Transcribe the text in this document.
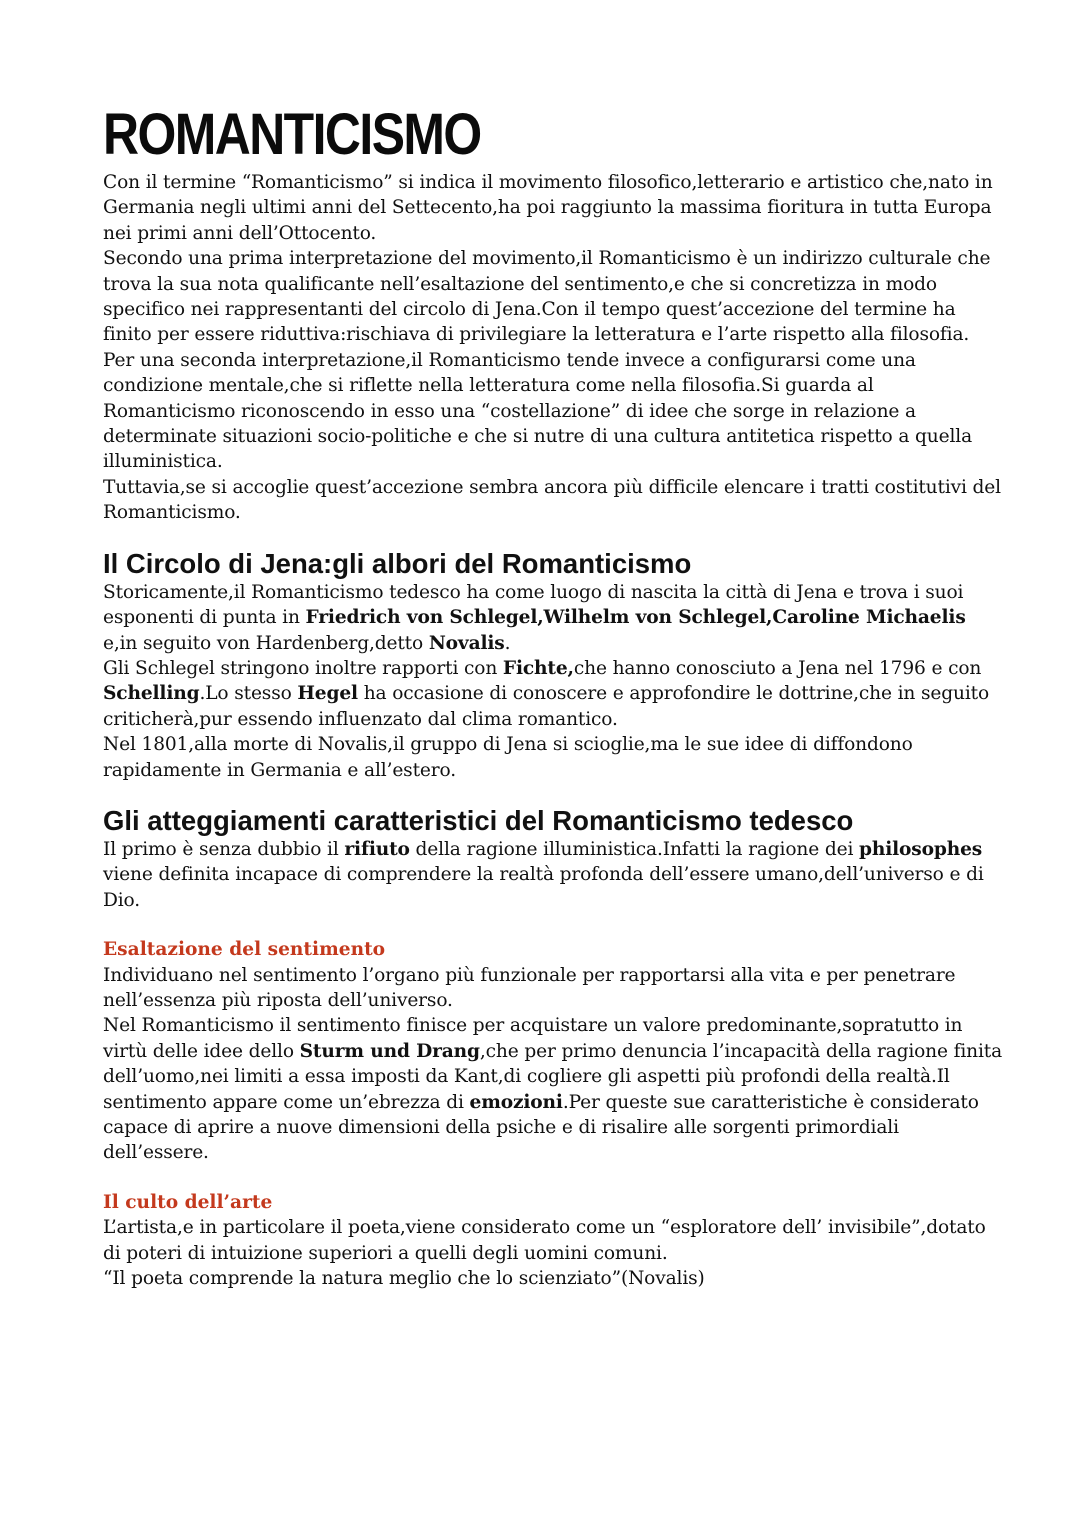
ROMANTICISMO

Con il termine “Romanticismo” si indica il movimento filosofico,letterario e artistico che,nato in Germania negli ultimi anni del Settecento,ha poi raggiunto la massima fioritura in tutta Europa nei primi anni dell’Ottocento.

Secondo una prima interpretazione del movimento,il Romanticismo è un indirizzo culturale che trova la sua nota qualificante nell’esaltazione del sentimento,e che si concretizza in modo specifico nei rappresentanti del circolo di Jena.Con il tempo quest’accezione del termine ha finito per essere riduttiva:rischiava di privilegiare la letteratura e l’arte rispetto alla filosofia.

Per una seconda interpretazione,il Romanticismo tende invece a configurarsi come una condizione mentale,che si riflette nella letteratura come nella filosofia.Si guarda al Romanticismo riconoscendo in esso una “costellazione” di idee che sorge in relazione a determinate situazioni socio-politiche e che si nutre di una cultura antitetica rispetto a quella illuministica.

Tuttavia,se si accoglie quest’accezione sembra ancora più difficile elencare i tratti costitutivi del Romanticismo.

Il Circolo di Jena:gli albori del Romanticismo

Storicamente,il Romanticismo tedesco ha come luogo di nascita la città di Jena e trova i suoi esponenti di punta in Friedrich von Schlegel,Wilhelm von Schlegel,Caroline Michaelis e,in seguito von Hardenberg,detto Novalis.

Gli Schlegel stringono inoltre rapporti con Fichte,che hanno conosciuto a Jena nel 1796 e con Schelling.Lo stesso Hegel ha occasione di conoscere e approfondire le dottrine,che in seguito criticherà,pur essendo influenzato dal clima romantico.

Nel 1801,alla morte di Novalis,il gruppo di Jena si scioglie,ma le sue idee di diffondono rapidamente in Germania e all’estero.

Gli atteggiamenti caratteristici del Romanticismo tedesco

Il primo è senza dubbio il rifiuto della ragione illuministica.Infatti la ragione dei philosophes viene definita incapace di comprendere la realtà profonda dell’essere umano,dell’universo e di Dio.

Esaltazione del sentimento

Individuano nel sentimento l’organo più funzionale per rapportarsi alla vita e per penetrare nell’essenza più riposta dell’universo.

Nel Romanticismo il sentimento finisce per acquistare un valore predominante,sopratutto in virtù delle idee dello Sturm und Drang,che per primo denuncia l’incapacità della ragione finita dell’uomo,nei limiti a essa imposti da Kant,di cogliere gli aspetti più profondi della realtà.Il sentimento appare come un’ebrezza di emozioni.Per queste sue caratteristiche è considerato capace di aprire a nuove dimensioni della psiche e di risalire alle sorgenti primordiali dell’essere.

Il culto dell’arte

L’artista,e in particolare il poeta,viene considerato come un “esploratore dell’ invisibile”,dotato di poteri di intuizione superiori a quelli degli uomini comuni.

“Il poeta comprende la natura meglio che lo scienziato”(Novalis)
